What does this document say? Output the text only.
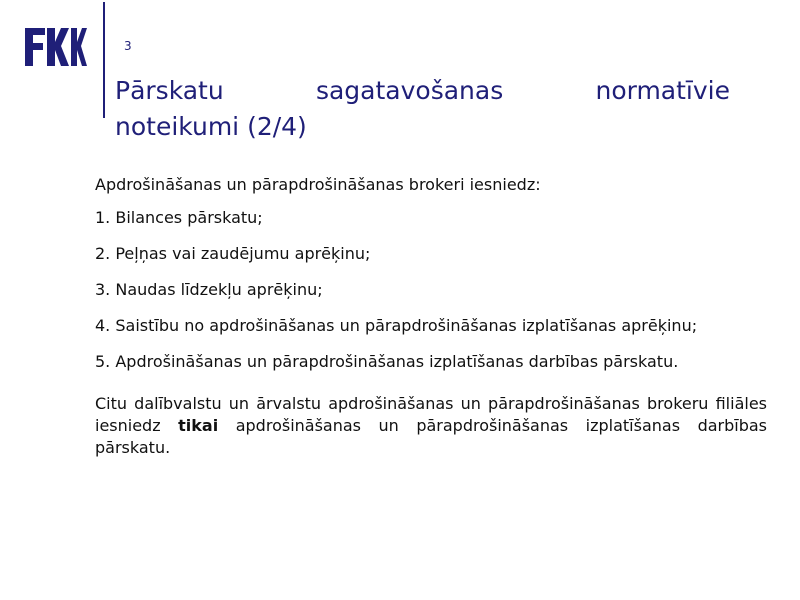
3
Pārskatu sagatavošanas normatīvie
noteikumi (2/4)
Apdrošināšanas un pārapdrošināšanas brokeri iesniedz:
1. Bilances pārskatu;
2. Peļņas vai zaudējumu aprēķinu;
3. Naudas līdzekļu aprēķinu;
4. Saistību no apdrošināšanas un pārapdrošināšanas izplatīšanas aprēķinu;
5. Apdrošināšanas un pārapdrošināšanas izplatīšanas darbības pārskatu.
Citu dalībvalstu un ārvalstu apdrošināšanas un pārapdrošināšanas brokeru filiāles iesniedz tikai apdrošināšanas un pārapdrošināšanas izplatīšanas darbības pārskatu.
